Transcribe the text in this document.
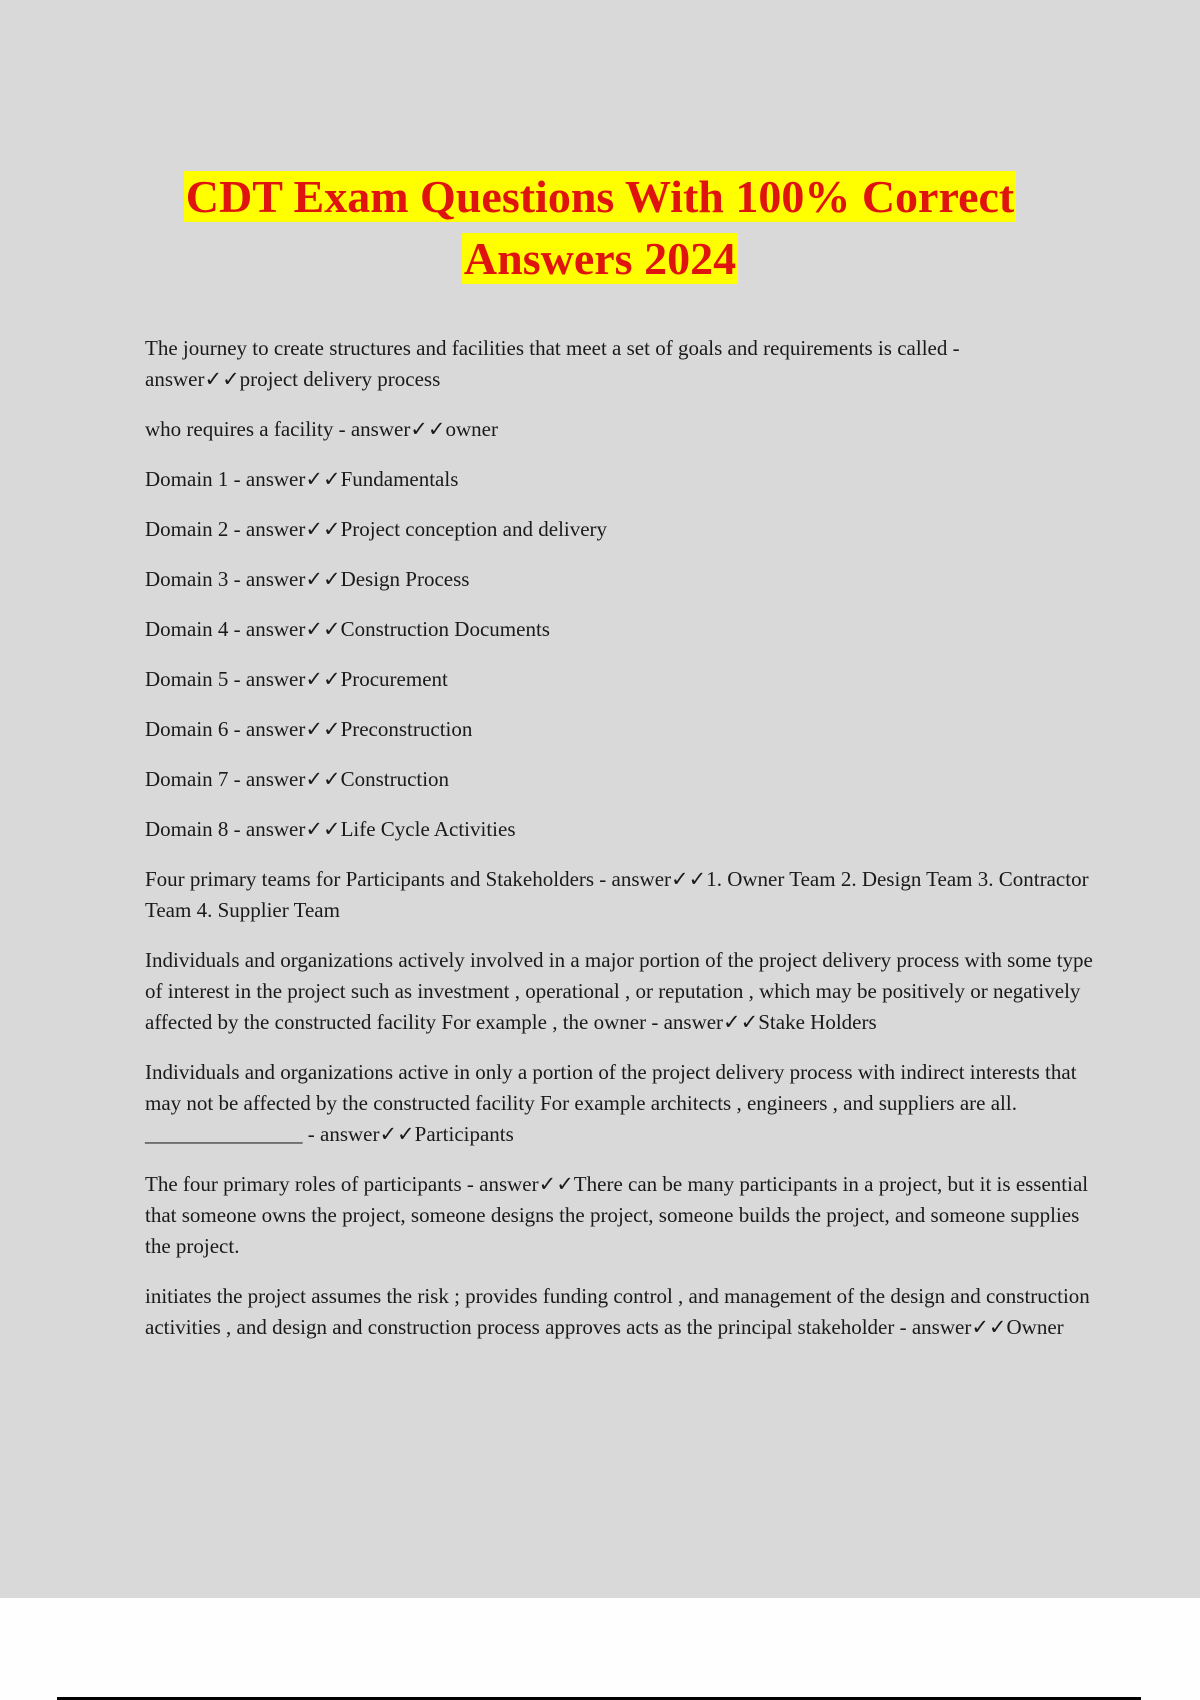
CDT Exam Questions With 100% Correct
Answers 2024

The journey to create structures and facilities that meet a set of goals and requirements is called - answer✓✓project delivery process

who requires a facility - answer✓✓owner

Domain 1 - answer✓✓Fundamentals

Domain 2 - answer✓✓Project conception and delivery

Domain 3 - answer✓✓Design Process

Domain 4 - answer✓✓Construction Documents

Domain 5 - answer✓✓Procurement

Domain 6 - answer✓✓Preconstruction

Domain 7 - answer✓✓Construction

Domain 8 - answer✓✓Life Cycle Activities

Four primary teams for Participants and Stakeholders - answer✓✓1. Owner Team 2. Design Team 3. Contractor Team 4. Supplier Team

Individuals and organizations actively involved in a major portion of the project delivery process with some type of interest in the project such as investment , operational , or reputation , which may be positively or negatively affected by the constructed facility For example , the owner - answer✓✓Stake Holders

Individuals and organizations active in only a portion of the project delivery process with indirect interests that may not be affected by the constructed facility For example architects , engineers , and suppliers are all. _______________ - answer✓✓Participants

The four primary roles of participants - answer✓✓There can be many participants in a project, but it is essential that someone owns the project, someone designs the project, someone builds the project, and someone supplies the project.

initiates the project assumes the risk ; provides funding control , and management of the design and construction activities , and design and construction process approves acts as the principal stakeholder - answer✓✓Owner
